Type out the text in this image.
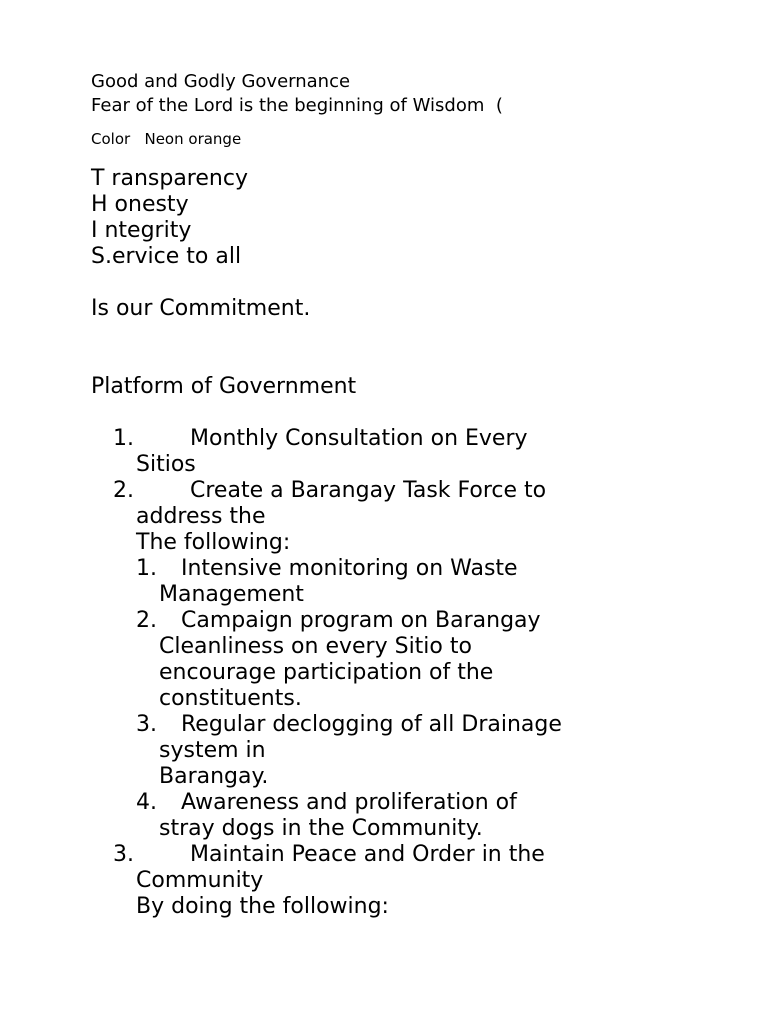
Good and Godly Governance
Fear of the Lord is the beginning of Wisdom  (
Color Neon orange
T ransparency
H onesty
I ntegrity
S.ervice to all
Is our Commitment.
Platform of Government
1.	Monthly Consultation on Every
Sitios
2.	Create a Barangay Task Force to
address the
The following:
1. Intensive monitoring on Waste
Management
2. Campaign program on Barangay
Cleanliness on every Sitio to
encourage participation of the
constituents.
3. Regular declogging of all Drainage
system in
Barangay.
4. Awareness and proliferation of
stray dogs in the Community.
3.	Maintain Peace and Order in the
Community
By doing the following:
